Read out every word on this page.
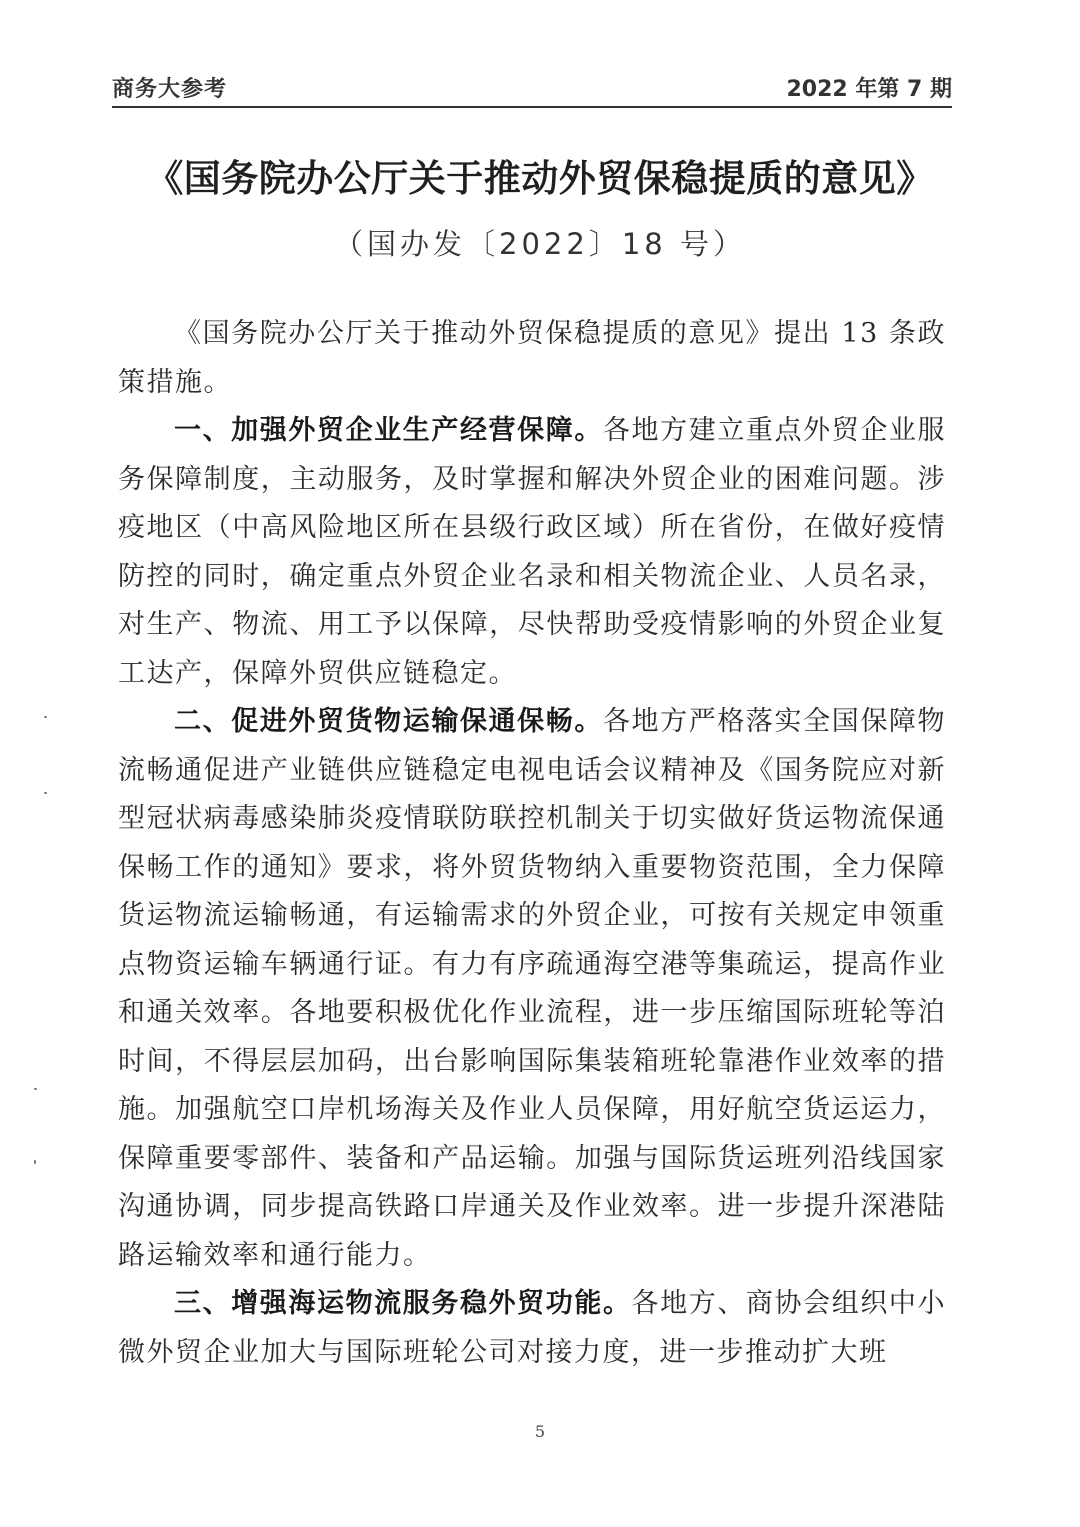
商务大参考	2022 年第 7 期
《国务院办公厅关于推动外贸保稳提质的意见》
（国办发〔2022〕18 号）

《国务院办公厅关于推动外贸保稳提质的意见》提出 13 条政策措施。

一、加强外贸企业生产经营保障。各地方建立重点外贸企业服务保障制度，主动服务，及时掌握和解决外贸企业的困难问题。涉疫地区（中高风险地区所在县级行政区域）所在省份，在做好疫情防控的同时，确定重点外贸企业名录和相关物流企业、人员名录，对生产、物流、用工予以保障，尽快帮助受疫情影响的外贸企业复工达产，保障外贸供应链稳定。

二、促进外贸货物运输保通保畅。各地方严格落实全国保障物流畅通促进产业链供应链稳定电视电话会议精神及《国务院应对新型冠状病毒感染肺炎疫情联防联控机制关于切实做好货运物流保通保畅工作的通知》要求，将外贸货物纳入重要物资范围，全力保障货运物流运输畅通，有运输需求的外贸企业，可按有关规定申领重点物资运输车辆通行证。有力有序疏通海空港等集疏运，提高作业和通关效率。各地要积极优化作业流程，进一步压缩国际班轮等泊时间，不得层层加码，出台影响国际集装箱班轮靠港作业效率的措施。加强航空口岸机场海关及作业人员保障，用好航空货运运力，保障重要零部件、装备和产品运输。加强与国际货运班列沿线国家沟通协调，同步提高铁路口岸通关及作业效率。进一步提升深港陆路运输效率和通行能力。

三、增强海运物流服务稳外贸功能。各地方、商协会组织中小微外贸企业加大与国际班轮公司对接力度，进一步推动扩大班

5
